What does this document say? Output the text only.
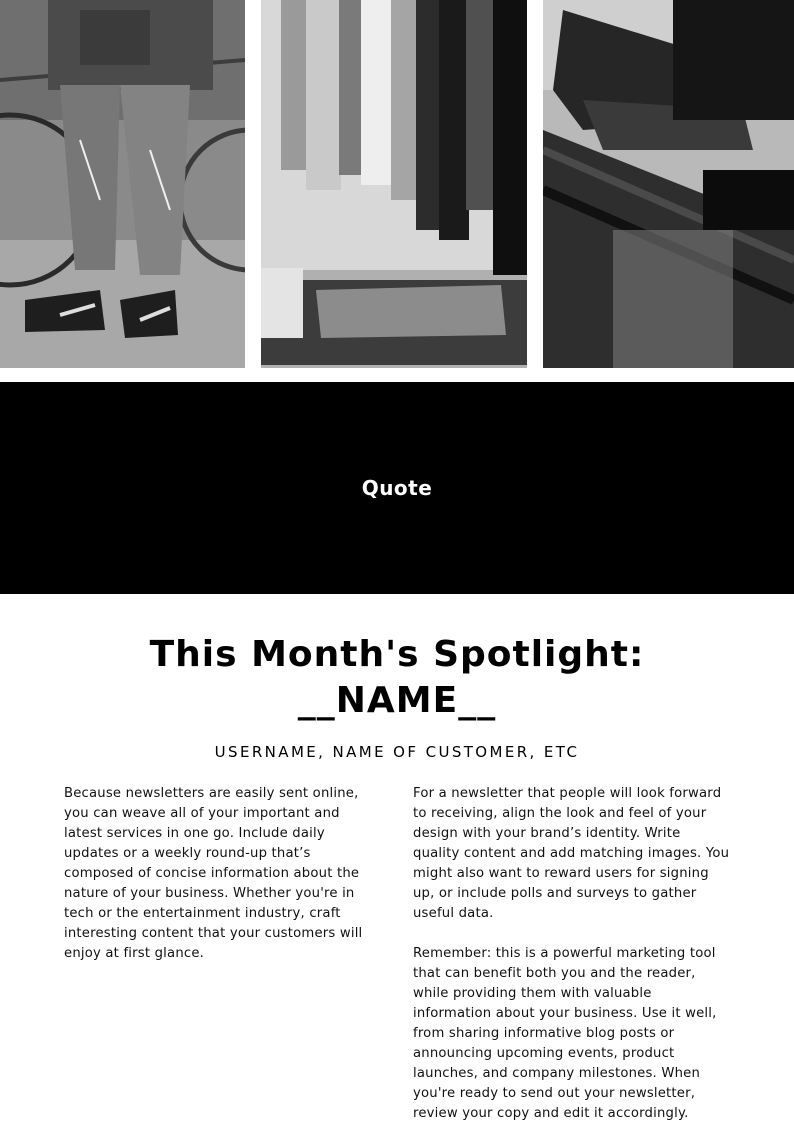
Quote
This Month's Spotlight:
__NAME__
USERNAME, NAME OF CUSTOMER, ETC

Because newsletters are easily sent online, you can weave all of your important and latest services in one go. Include daily updates or a weekly round-up that’s composed of concise information about the nature of your business. Whether you're in tech or the entertainment industry, craft interesting content that your customers will enjoy at first glance.

For a newsletter that people will look forward to receiving, align the look and feel of your design with your brand’s identity. Write quality content and add matching images. You might also want to reward users for signing up, or include polls and surveys to gather useful data.

Remember: this is a powerful marketing tool that can benefit both you and the reader, while providing them with valuable information about your business. Use it well, from sharing informative blog posts or announcing upcoming events, product launches, and company milestones. When you're ready to send out your newsletter, review your copy and edit it accordingly.
